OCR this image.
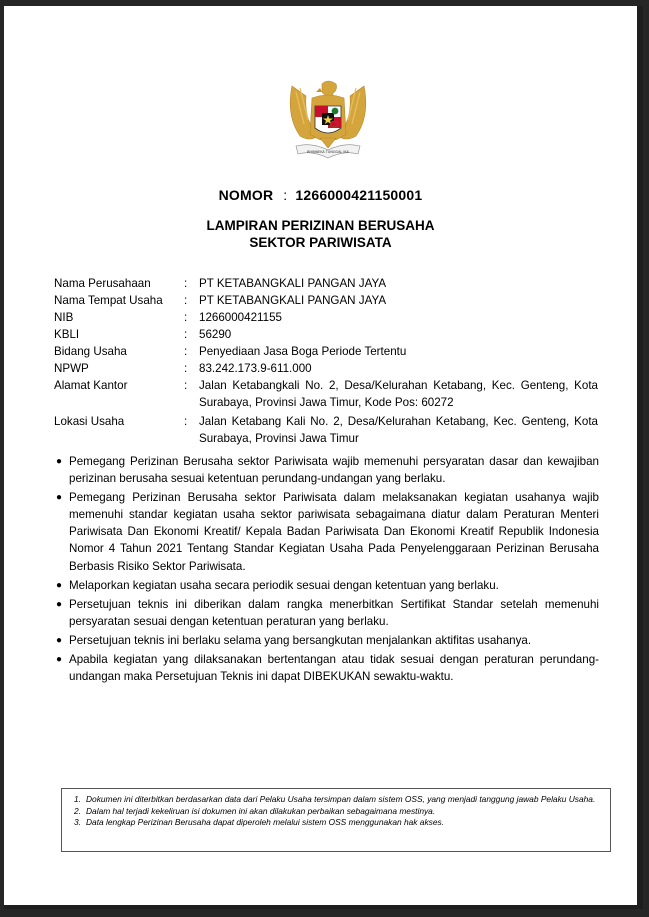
BHINNEKA TUNGGAL IKA
NOMOR : 1266000421150001
LAMPIRAN PERIZINAN BERUSAHA
SEKTOR PARIWISATA
Nama Perusahaan	:	PT KETABANGKALI PANGAN JAYA
Nama Tempat Usaha	:	PT KETABANGKALI PANGAN JAYA
NIB	:	1266000421155
KBLI	:	56290
Bidang Usaha	:	Penyediaan Jasa Boga Periode Tertentu
NPWP	:	83.242.173.9-611.000
Alamat Kantor	:	Jalan Ketabangkali No. 2, Desa/Kelurahan Ketabang, Kec. Genteng, Kota Surabaya, Provinsi Jawa Timur, Kode Pos: 60272
Lokasi Usaha	:	Jalan Ketabang Kali No. 2, Desa/Kelurahan Ketabang, Kec. Genteng, Kota Surabaya, Provinsi Jawa Timur
● Pemegang Perizinan Berusaha sektor Pariwisata wajib memenuhi persyaratan dasar dan kewajiban perizinan berusaha sesuai ketentuan perundang-undangan yang berlaku.
● Pemegang Perizinan Berusaha sektor Pariwisata dalam melaksanakan kegiatan usahanya wajib memenuhi standar kegiatan usaha sektor pariwisata sebagaimana diatur dalam Peraturan Menteri Pariwisata Dan Ekonomi Kreatif/ Kepala Badan Pariwisata Dan Ekonomi Kreatif Republik Indonesia Nomor 4 Tahun 2021 Tentang Standar Kegiatan Usaha Pada Penyelenggaraan Perizinan Berusaha Berbasis Risiko Sektor Pariwisata.
● Melaporkan kegiatan usaha secara periodik sesuai dengan ketentuan yang berlaku.
● Persetujuan teknis ini diberikan dalam rangka menerbitkan Sertifikat Standar setelah memenuhi persyaratan sesuai dengan ketentuan peraturan yang berlaku.
● Persetujuan teknis ini berlaku selama yang bersangkutan menjalankan aktifitas usahanya.
● Apabila kegiatan yang dilaksanakan bertentangan atau tidak sesuai dengan peraturan perundang-undangan maka Persetujuan Teknis ini dapat DIBEKUKAN sewaktu-waktu.
1. Dokumen ini diterbitkan berdasarkan data dari Pelaku Usaha tersimpan dalam sistem OSS, yang menjadi tanggung jawab Pelaku Usaha.
2. Dalam hal terjadi kekeliruan isi dokumen ini akan dilakukan perbaikan sebagaimana mestinya.
3. Data lengkap Perizinan Berusaha dapat diperoleh melalui sistem OSS menggunakan hak akses.
